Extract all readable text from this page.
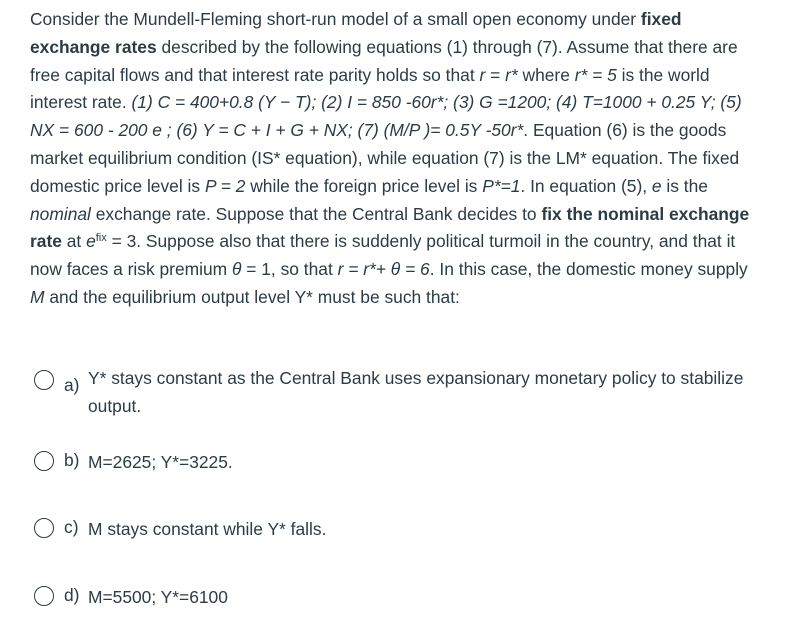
Consider the Mundell-Fleming short-run model of a small open economy under fixed exchange rates described by the following equations (1) through (7). Assume that there are free capital flows and that interest rate parity holds so that r = r* where r* = 5 is the world interest rate. (1) C = 400+0.8 (Y − T); (2) I = 850 -60r*; (3) G =1200; (4) T=1000 + 0.25 Y; (5) NX = 600 - 200 e ; (6) Y = C + I + G + NX; (7) (M/P )= 0.5Y -50r*. Equation (6) is the goods market equilibrium condition (IS* equation), while equation (7) is the LM* equation. The fixed domestic price level is P = 2 while the foreign price level is P*=1. In equation (5), e is the nominal exchange rate. Suppose that the Central Bank decides to fix the nominal exchange rate at $e^{fix} = 3$. Suppose also that there is suddenly political turmoil in the country, and that it now faces a risk premium θ = 1, so that r = r*+ θ = 6. In this case, the domestic money supply M and the equilibrium output level Y* must be such that:

a) Y* stays constant as the Central Bank uses expansionary monetary policy to stabilize output.
b) M=2625; Y*=3225.
c) M stays constant while Y* falls.
d) M=5500; Y*=6100
